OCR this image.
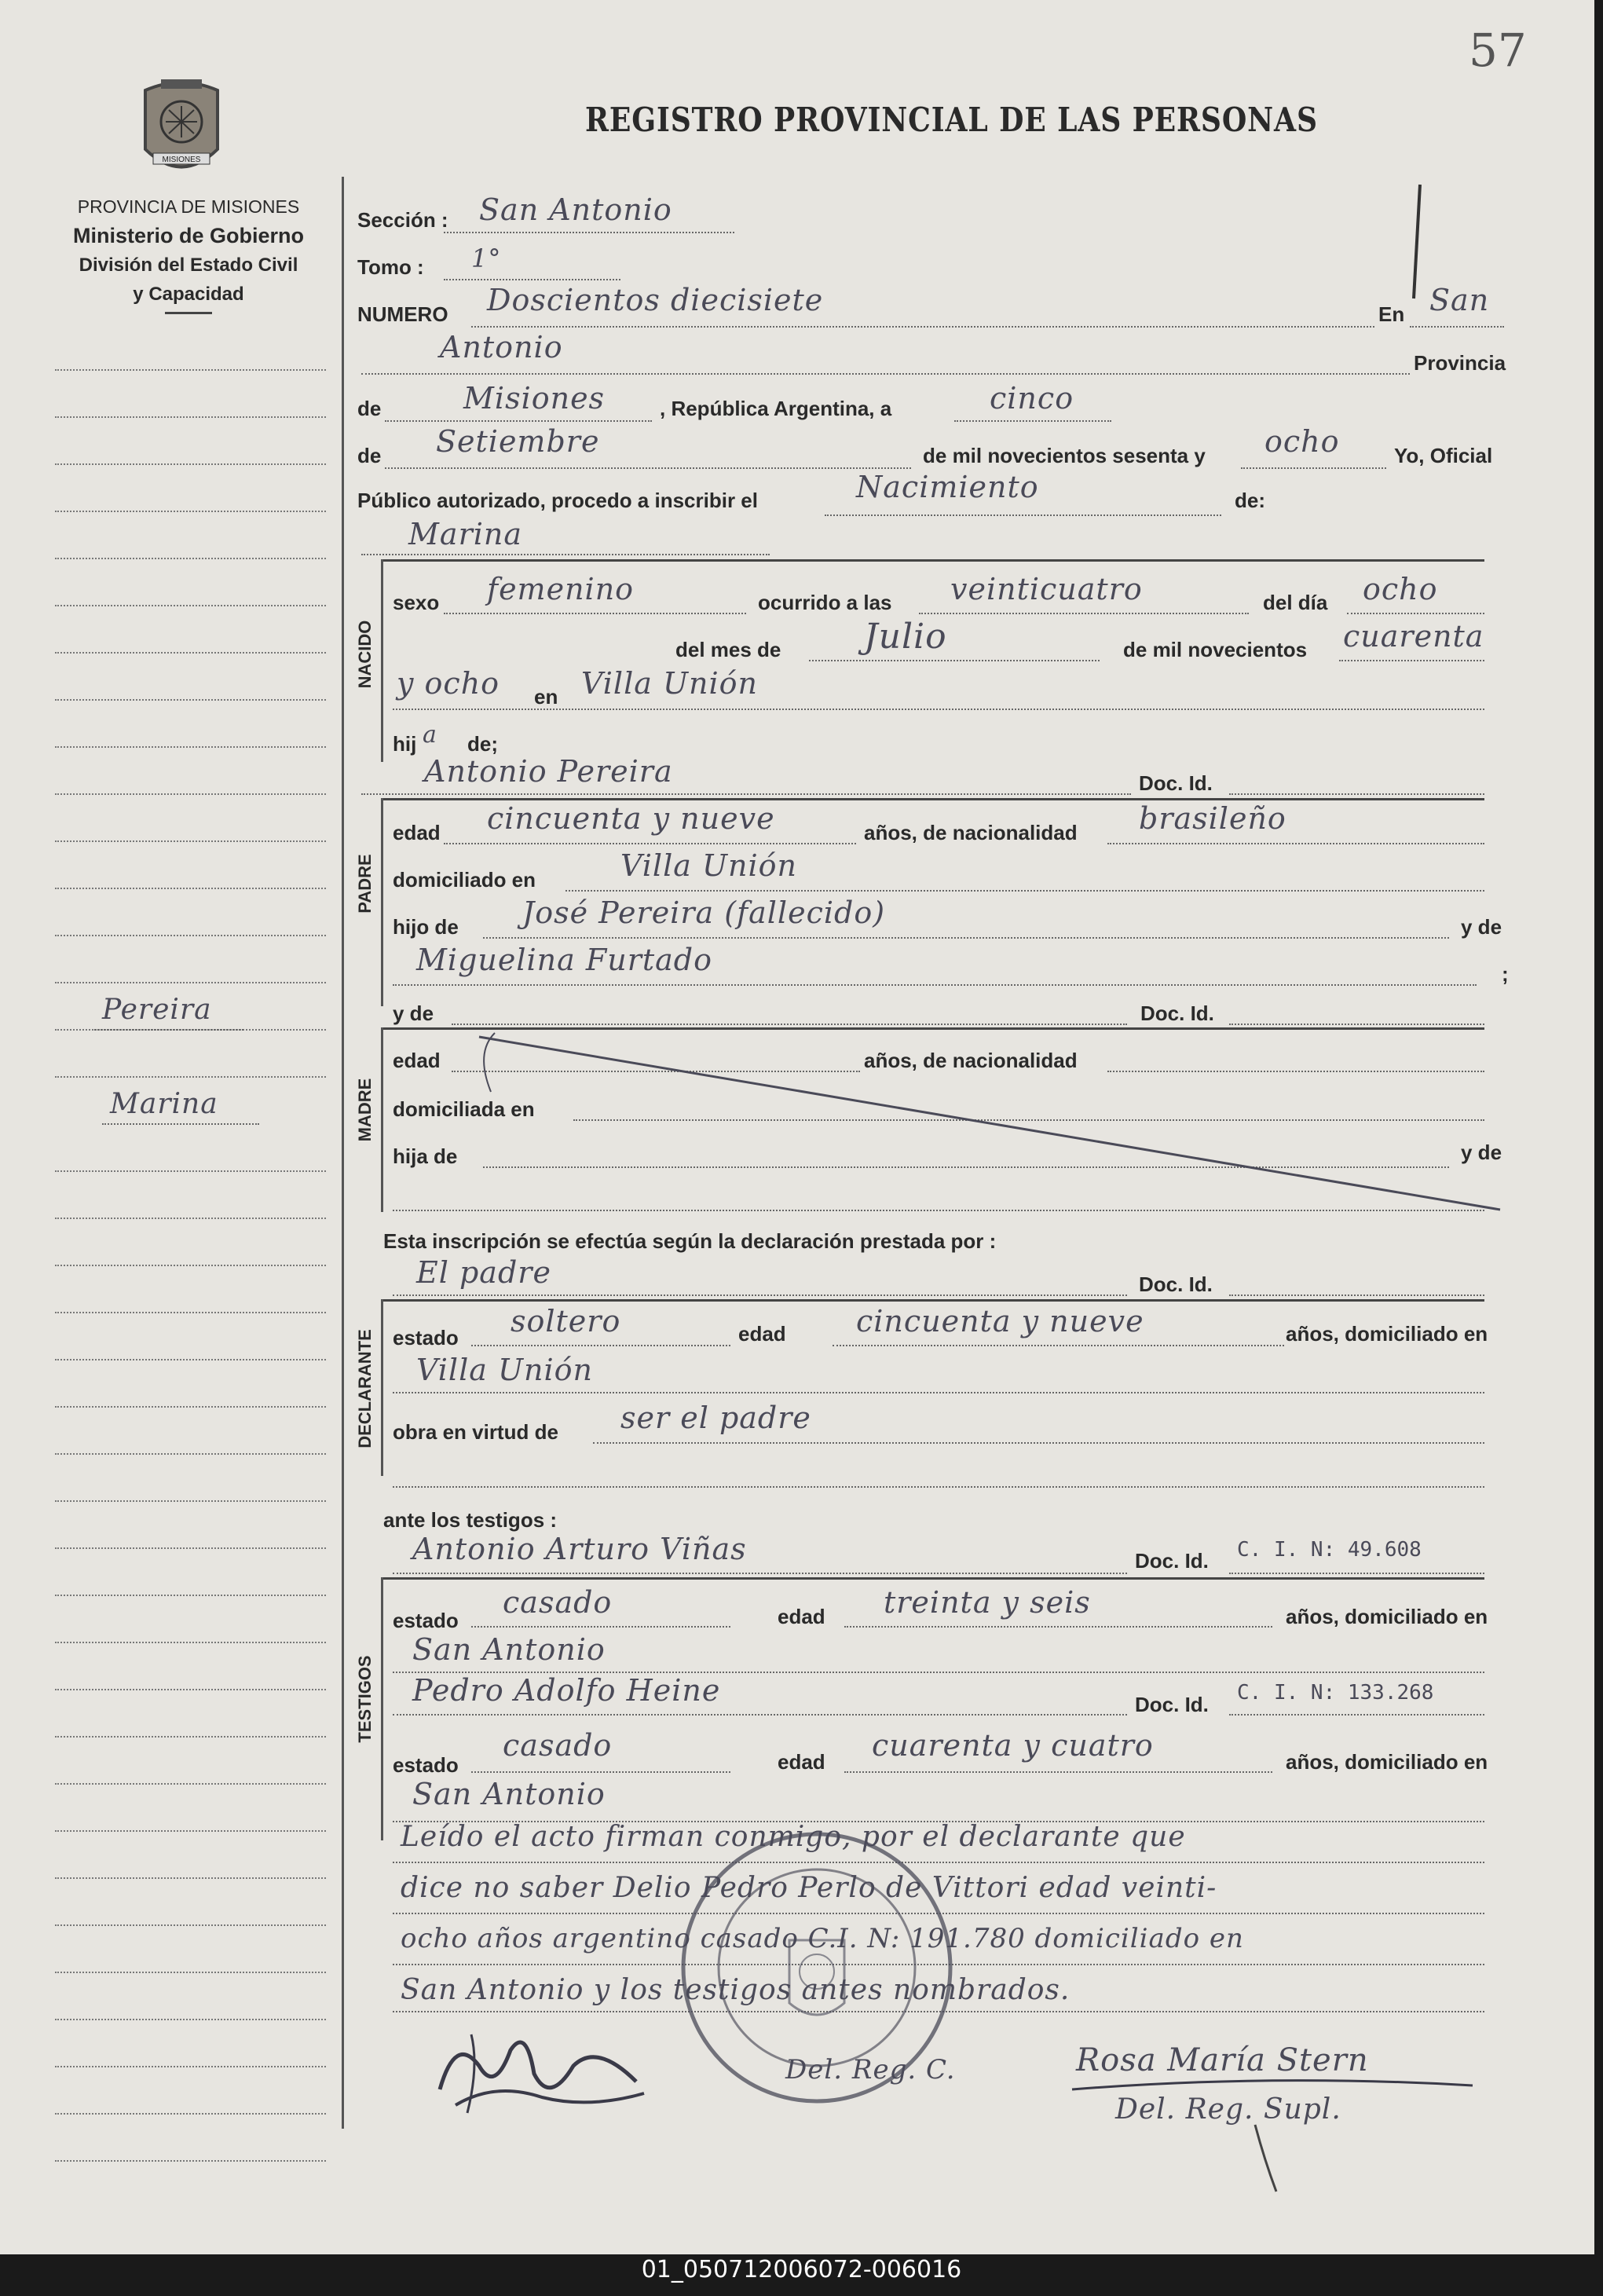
57
MISIONES
PROVINCIA DE MISIONES
Ministerio de Gobierno
División del Estado Civil
y Capacidad
REGISTRO PROVINCIAL DE LAS PERSONAS
Pereira
Marina
Sección : San Antonio
Tomo : 1°
NUMERO Doscientos diecisiete	En San
Antonio	Provincia
de	Misiones	, República Argentina, a	cinco
de Setiembre	de mil novecientos sesenta y ocho	Yo, Oficial
Público autorizado, procedo a inscribir el	Nacimiento	de:
Marina
NACIDO
sexo femenino	ocurrido a las veinticuatro	del día ocho
del mes de Julio	de mil novecientos cuarenta
y ocho en Villa Unión
hij a de;
Antonio Pereira	Doc. Id.
PADRE
edad cincuenta y nueve	años, de nacionalidad brasileño
domiciliado en	Villa Unión
hijo de José Pereira (fallecido)	y de
Miguelina Furtado	;
y de	Doc. Id.
MADRE
edad	años, de nacionalidad
domiciliada en
hija de	y de
Esta inscripción se efectúa según la declaración prestada por :
El padre	Doc. Id.
DECLARANTE estado soltero	edad cincuenta y nueve	años, domiciliado en
Villa Unión
obra en virtud de ser el padre
ante los testigos :
Antonio Arturo Viñas	Doc. Id. C. I. N: 49.608
TESTIGOS
estado
casado	edad treinta y seis	años, domiciliado en
San Antonio
Pedro Adolfo Heine	Doc. Id. C. I. N: 133.268
estado
casado	edad cuarenta y cuatro	años, domiciliado en
San Antonio
Leído el acto firman conmigo, por el declarante que
dice no saber Delio Pedro Perlo de Vittori edad veinti-
ocho años argentino casado C.I. N: 191.780 domiciliado en
San Antonio y los testigos antes nombrados.
Del. Reg. C.	Rosa María Stern
Del. Reg. Supl.
01_050712006072-006016
